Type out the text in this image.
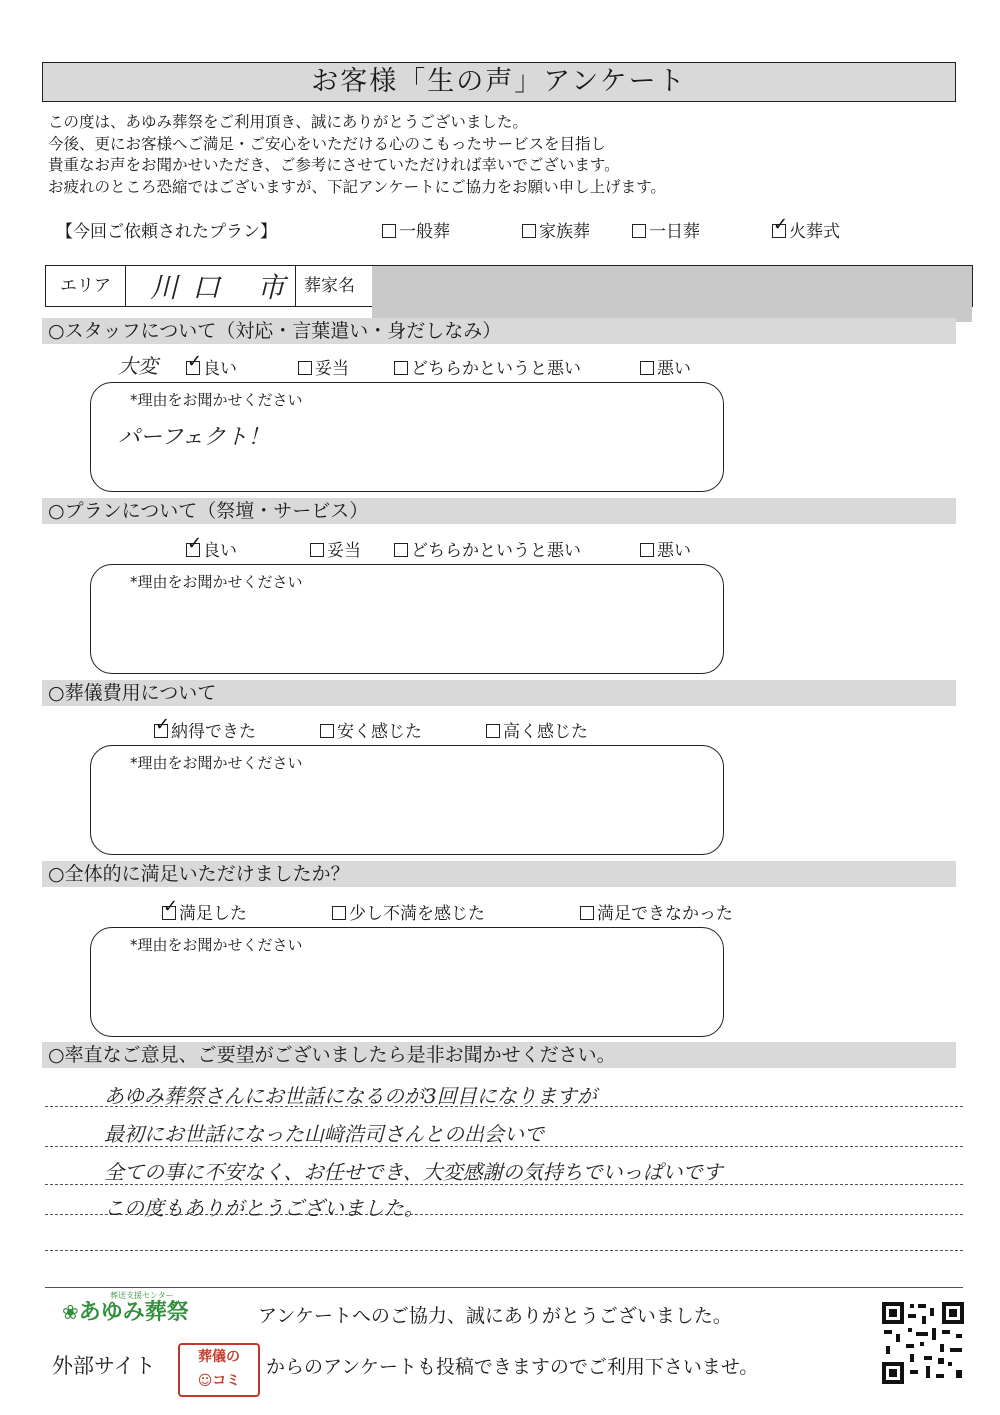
お客様「生の声」アンケート
この度は、あゆみ葬祭をご利用頂き、誠にありがとうございました。
今後、更にお客様へご満足・ご安心をいただける心のこもったサービスを目指し
貴重なお声をお聞かせいただき、ご参考にさせていただければ幸いでございます。
お疲れのところ恐縮ではございますが、下記アンケートにご協力をお願い申し上げます。
【今回ご依頼されたプラン】	一般葬	家族葬	一日葬 ✓	火葬式
エリア 川口 市 葬家名
○スタッフについて（対応・言葉遣い・身だしなみ）
大変 ✓	良い	妥当	どちらかというと悪い	悪い
*理由をお聞かせください
パーフェクト！
○プランについて（祭壇・サービス）
✓良い	妥当	どちらかというと悪い	悪い
*理由をお聞かせください
○葬儀費用について
✓納得できた	安く感じた	高く感じた
*理由をお聞かせください
○全体的に満足いただけましたか？
✓満足した	少し不満を感じた	満足できなかった
*理由をお聞かせください
○率直なご意見、ご要望がございましたら是非お聞かせください。
あゆみ葬祭さんにお世話になるのが3回目になりますが
最初にお世話になった山﨑浩司さんとの出会いで
全ての事に不安なく、お任せでき、大変感謝の気持ちでいっぱいです
この度もありがとうございました。
葬送支援センター
❀あゆみ葬祭	アンケートへのご協力、誠にありがとうございました。
外部サイト	葬儀の
☺コミ
からのアンケートも投稿できますのでご利用下さいませ。
